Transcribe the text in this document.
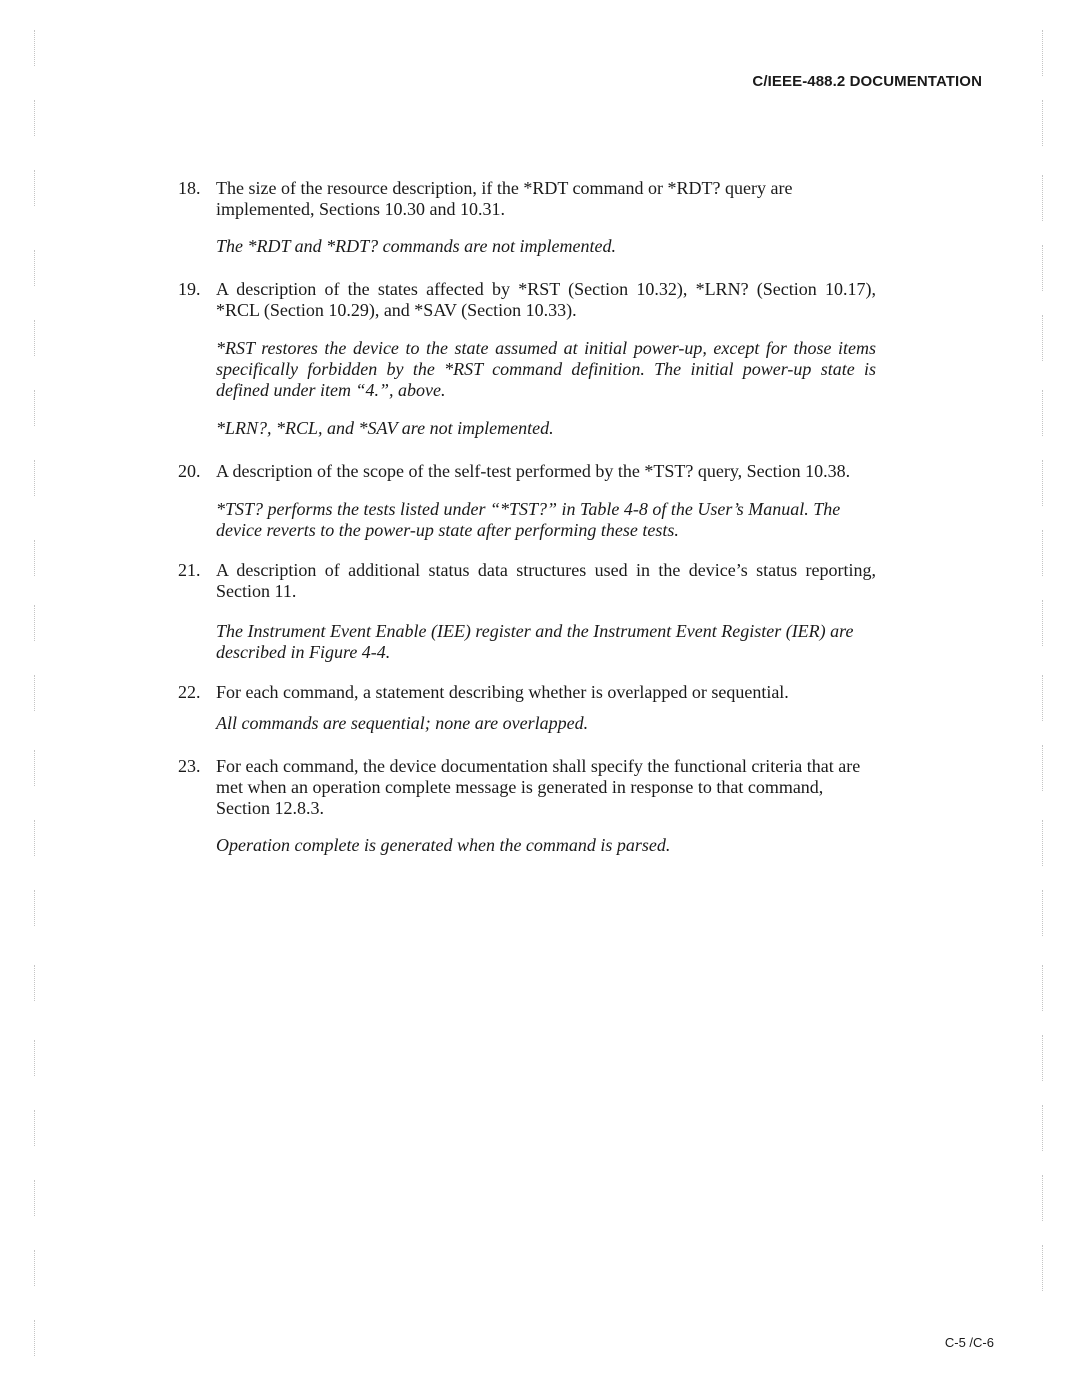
C/IEEE-488.2 DOCUMENTATION
18. The size of the resource description, if the *RDT command or *RDT? query are implemented, Sections 10.30 and 10.31.
The *RDT and *RDT? commands are not implemented.
19. A description of the states affected by *RST (Section 10.32), *LRN? (Section 10.17), *RCL (Section 10.29), and *SAV (Section 10.33).
*RST restores the device to the state assumed at initial power-up, except for those items specifically forbidden by the *RST command definition. The initial power-up state is defined under item “4.”, above.
*LRN?, *RCL, and *SAV are not implemented.
20. A description of the scope of the self-test performed by the *TST? query, Section 10.38.
*TST? performs the tests listed under “*TST?” in Table 4-8 of the User’s Manual. The device reverts to the power-up state after performing these tests.
21. A description of additional status data structures used in the device’s status reporting, Section 11.
The Instrument Event Enable (IEE) register and the Instrument Event Register (IER) are described in Figure 4-4.
22. For each command, a statement describing whether is overlapped or sequential.
All commands are sequential; none are overlapped.
23. For each command, the device documentation shall specify the functional criteria that are met when an operation complete message is generated in response to that command, Section 12.8.3.
Operation complete is generated when the command is parsed.
C-5 /C-6
